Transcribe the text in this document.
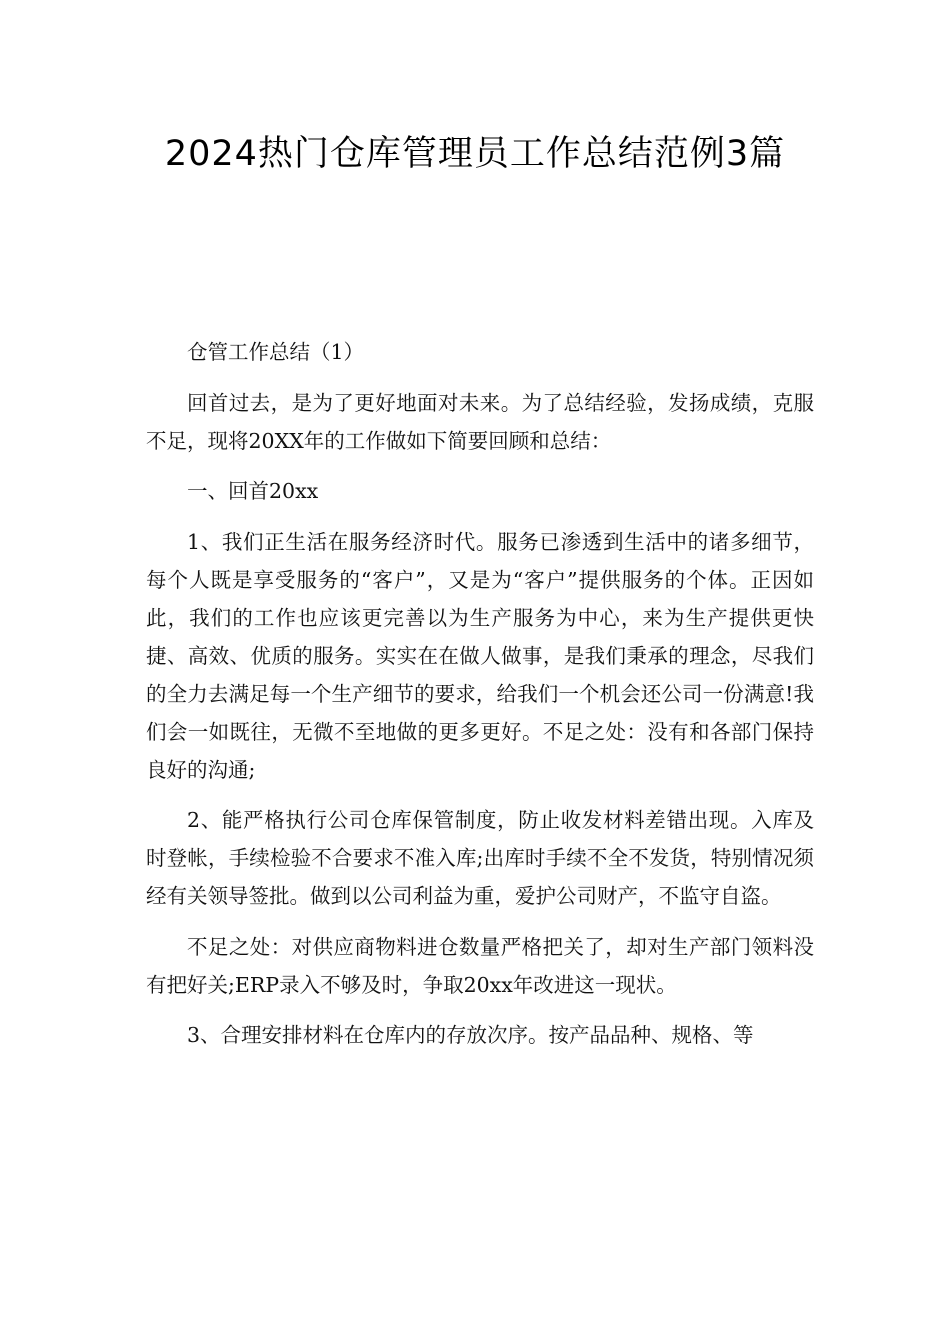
2024热门仓库管理员工作总结范例3篇

仓管工作总结（1）

回首过去，是为了更好地面对未来。为了总结经验，发扬成绩，克服不足，现将20XX年的工作做如下简要回顾和总结：

一、回首20xx

1、我们正生活在服务经济时代。服务已渗透到生活中的诸多细节，每个人既是享受服务的“客户”，又是为“客户”提供服务的个体。正因如此，我们的工作也应该更完善以为生产服务为中心，来为生产提供更快捷、高效、优质的服务。实实在在做人做事，是我们秉承的理念，尽我们的全力去满足每一个生产细节的要求，给我们一个机会还公司一份满意!我们会一如既往，无微不至地做的更多更好。不足之处：没有和各部门保持良好的沟通;

2、能严格执行公司仓库保管制度，防止收发材料差错出现。入库及时登帐，手续检验不合要求不准入库;出库时手续不全不发货，特别情况须经有关领导签批。做到以公司利益为重，爱护公司财产，不监守自盗。

不足之处：对供应商物料进仓数量严格把关了，却对生产部门领料没有把好关;ERP录入不够及时，争取20xx年改进这一现状。

3、合理安排材料在仓库内的存放次序。按产品品种、规格、等
